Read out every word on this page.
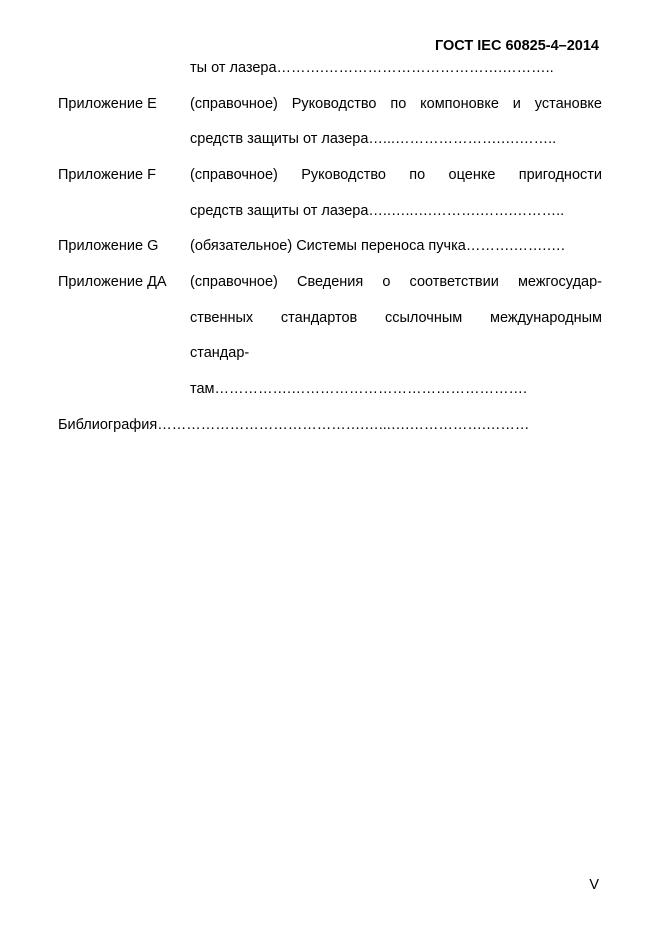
ГОСТ IEC 60825-4–2014
ты от лазера……….……………………………….………..
Приложение E (справочное) Руководство по компоновке и установке
средств защиты от лазера…...………………….….……..
Приложение F (справочное) Руководство по оценке пригодности
средств защиты от лазера…..…..….……….…….………..
Приложение G (обязательное) Системы переноса пучка……….…….….
Приложение ДА (справочное) Сведения о соответствии межгосудар-
ственных стандартов ссылочным международным
стандар-
там…………….………………………………………….
Библиография…………………………………….…...….…………….………
V
